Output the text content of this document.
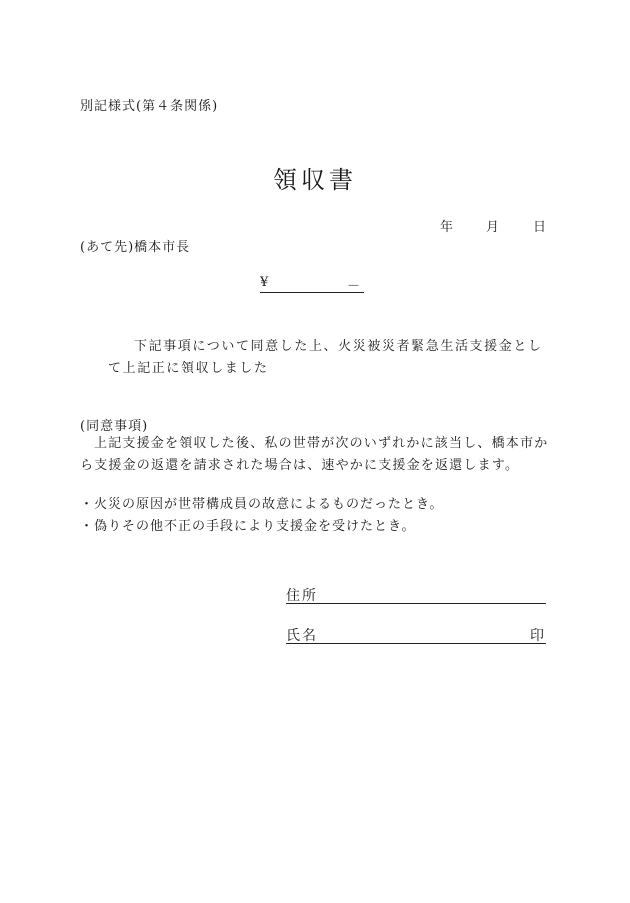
別記様式(第４条関係)
領収書
年	月	日
(あて先)橋本市長
¥	－
下記事項について同意した上、火災被災者緊急生活支援金として上記正に領収しました
(同意事項)
上記支援金を領収した後、私の世帯が次のいずれかに該当し、橋本市から支援金の返還を請求された場合は、速やかに支援金を返還します。
・火災の原因が世帯構成員の故意によるものだったとき。
・偽りその他不正の手段により支援金を受けたとき。
住所
氏名	印
